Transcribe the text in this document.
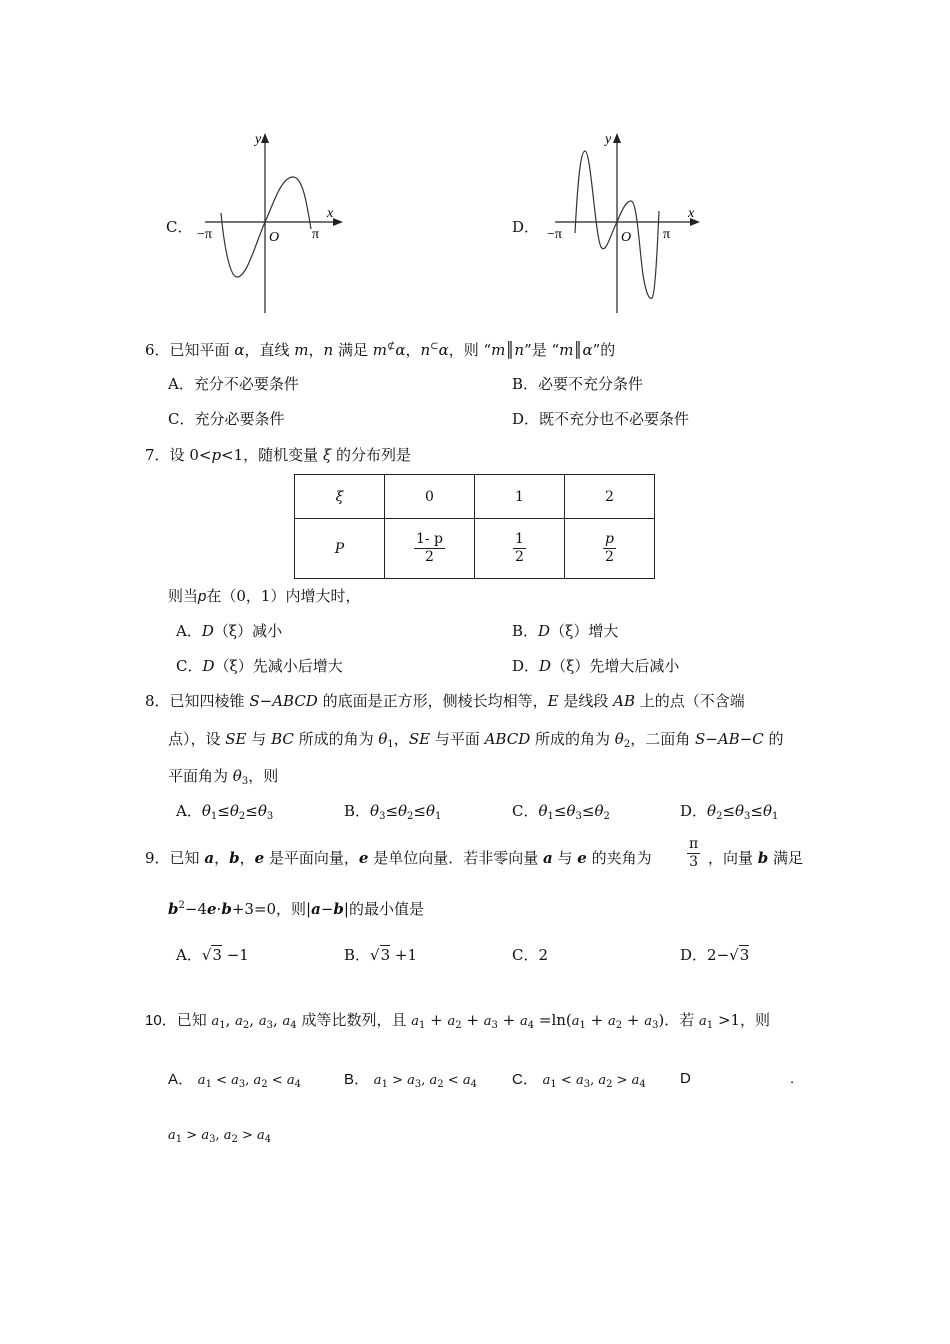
C．
y
x
−π	O π	D．
y
x
−π	O π
6．已知平面 α，直线 m，n 满足 m⊄α，n⊂α，则 “m║n”是 “m║α”的
A．充分不必要条件	B．必要不充分条件
C．充分必要条件	D．既不充分也不必要条件
7．设 0<p<1，随机变量 ξ 的分布列是
ξ	0	1	2
P	$\frac{1- p}{2}$	$\frac{1}{2}$	$\frac{p}{2}$
则当p在（0，1）内增大时，
A．D（ξ）减小	B．D（ξ）增大
C．D（ξ）先减小后增大	D．D（ξ）先增大后减小
8．已知四棱锥 S−ABCD 的底面是正方形，侧棱长均相等，E 是线段 AB 上的点（不含端
点），设 SE 与 BC 所成的角为 $\theta_1$，SE 与平面 ABCD 所成的角为 $\theta_2$，二面角 S−AB−C 的
平面角为 $\theta_3$，则
A．$\theta_1\le\theta_2\le\theta_3$	B．$\theta_3\le\theta_2\le\theta_1$	C．$\theta_1\le\theta_3\le\theta_2$	D．$\theta_2\le\theta_3\le\theta_1$
9．已知 a，b，e 是平面向量，e 是单位向量．若非零向量 a 与 e 的夹角为	$\frac{\pi}{3}$ ，向量 b 满足
$b^2-4e\cdot b+3=0$，则|a−b|的最小值是
A．√3 −1	B．√3 +1	C．2	D．2−√3
10．已知 $a_1$, $a_2$, $a_3$, $a_4$ 成等比数列，且 $a_1 + a_2 + a_3 + a_4 =\ln(a_1 + a_2 + a_3)$．若 $a_1 >1$，则
A． $a_1 < a_3$, $a_2 < a_4$	B． $a_1 > a_3$, $a_2 < a_4$ C． $a_1 < a_3$, $a_2 > a_4$ D	.
$a_1 > a_3$, $a_2 > a_4$
